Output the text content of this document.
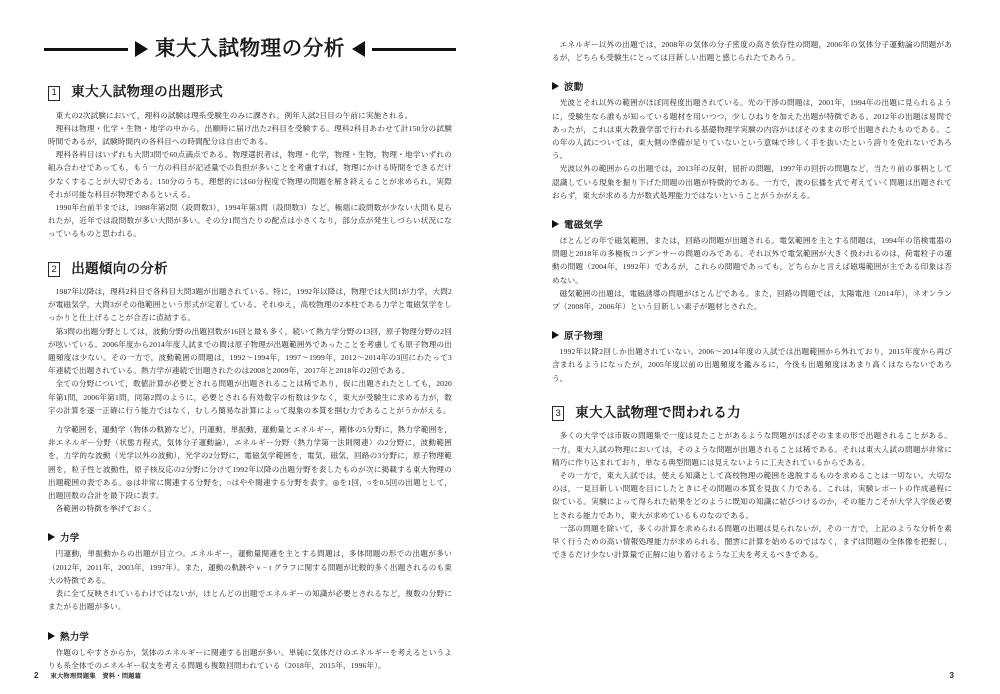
東大入試物理の分析
1 東大入試物理の出題形式

東大の2次試験において，理科の試験は理系受験生のみに課され，例年入試2日目の午前に実施される。

理科は物理・化学・生物・地学の中から，出願時に届け出た2科目を受験する。理科2科目あわせて計150分の試験時間であるが，試験時間内の各科目への時間配分は自由である。

理科各科目はいずれも大問3問で60点満点である。物理選択者は，物理・化学，物理・生物，物理・地学いずれの組み合わせであっても，もう一方の科目が記述量での負担が多いことを考慮すれば，物理にかける時間をできるだけ少なくすることが大切である。150分のうち，理想的には60分程度で物理の問題を解き終えることが求められ，実際それが可能な科目が物理であるといえる。

1990年台前半までは，1988年第2問（設問数3），1994年第3問（設問数3）など，極端に設問数が少ない大問も見られたが，近年では設問数が多い大問が多い。その分1問当たりの配点は小さくなり，部分点が発生しづらい状況になっているものと思われる。

2 出題傾向の分析

1987年以降は，理科2科目で各科目大問3題が出題されている。特に，1992年以降は，物理では大問1が力学，大問2が電磁気学，大問3がその他範囲という形式が定着している。それゆえ，高校物理の2本柱である力学と電磁気学をしっかりと仕上げることが合否に直結する。

第3問の出題分野としては，波動分野の出題回数が16回と最も多く，続いて熱力学分野の13回，原子物理分野の2回が呟いている。2006年度から2014年度入試までの間は原子物理が出題範囲外であったことを考慮しても原子物理の出題頻度は少ない。その一方で，波動範囲の問題は，1992〜1994年，1997〜1999年，2012〜2014年の3回にわたって3年連続で出題されている。熱力学が連続で出題されたのは2008と2009年，2017年と2018年の2回である。

全ての分野について，数値計算が必要とされる問題が出題されることは稀であり，仮に出題されたとしても，2020年第1問，2006年第1問，同第2問のように，必要とされる有効数字の桁数は少なく，東大が受験生に求める力が，数字の計算を逐一正確に行う能力ではなく，むしろ簡易な計算によって現象の本質を掴む力であることがうかがえる。

力学範囲を，運動学（物体の軌跡など），円運動，単振動，運動量とエネルギー，剛体の5分野に，熱力学範囲を，非エネルギー分野（状態方程式，気体分子運動論），エネルギー分野（熱力学第一法則関連）の2分野に，波動範囲を，力学的な波動（光学以外の波動），光学の2分野に，電磁気学範囲を，電気，磁気，回路の3分野に，原子物理範囲を，粒子性と波動性，原子核反応の2分野に分けて1992年以降の出題分野を表したものが次に掲載する東大物理の出題範囲の表である。◎は非常に関連する分野を，○はやや関連する分野を表す。◎を1回，○を0.5回の出題として，出題回数の合計を最下段に表す。

各範囲の特徴を挙げておく。

力学

円運動，単振動からの出題が目立つ。エネルギー，運動量関連を主とする問題は，多体問題の形での出題が多い（2012年，2011年，2003年，1997年）。また，運動の軌跡や v − t グラフに関する問題が比較的多く出題されるのも東大の特徴である。

表に全て反映されているわけではないが，ほとんどの出題でエネルギーの知識が必要とされるなど，複数の分野にまたがる出題が多い。

熱力学

作題のしやすさからか，気体のエネルギーに関連する出題が多い。単純に気体だけのエネルギーを考えるというよりも系全体でのエネルギー収支を考える問題も複数回問われている（2018年，2015年，1996年）。

2 東大物理問題集　資料・問題篇

エネルギー以外の出題では，2008年の気体の分子密度の高さ依存性の問題，2006年の気体分子運動論の問題があるが，どちらも受験生にとっては目新しい出題と感じられたであろう。

波動

光波とそれ以外の範囲がほぼ同程度出題されている。光の干渉の問題は，2001年，1994年の出題に見られるように，受験生なら誰もが知っている題材を用いつつ，少しひねりを加えた出題が特徴である。2012年の出題は易問であったが，これは東大教養学部で行われる基礎物理学実験の内容がほぼそのままの形で出題されたものである。この年の入試については，東大側の準備が足りていないという意味で珍しく手を抜いたという誇りを免れないであろう。

光波以外の範囲からの出題では，2013年の反射，屈折の問題，1997年の回折の問題など，当たり前の事柄として認識している現象を掘り下げた問題の出題が特徴的である。一方で，波の伝播を式で考えていく問題は出題されておらず，東大が求める力が数式処理能力ではないということがうかがえる。

電磁気学

ほとんどの年で磁気範囲，または，回路の問題が出題される。電気範囲を主とする問題は，1994年の箔検電器の問題と2018年の多極板コンデンサーの問題のみである。それ以外で電気範囲が大きく扱われるのは，荷電粒子の運動の問題（2004年，1992年）であるが，これらの問題であっても，どちらかと言えば磁場範囲が主である印象は否めない。

磁気範囲の出題は，電磁誘導の問題がほとんどである。また，回路の問題では，太陽電池（2014年），ネオンランプ（2008年，2006年）という目新しい素子が題材とされた。

原子物理

1992年以降2回しか出題されていない。2006〜2014年度の入試では出題範囲から外れており，2015年度から再び含まれるようになったが，2005年度以前の出題頻度を鑑みるに，今後も出題頻度はあまり高くはならないであろう。

3 東大入試物理で問われる力

多くの大学では市販の問題集で一度は見たことがあるような問題がほぼそのままの形で出題されることがある。一方，東大入試の物理においては，そのような問題が出題されることは稀である。それは東大入試の問題が非常に精巧に作り込まれており，単なる典型問題には見えないように工夫されているからである。

その一方で，東大入試では，使える知識として高校物理の範囲を逸脱するものを求めることは一切ない。大切なのは，一見目新しい問題を目にしたときにその問題の本質を見抜く力である。これは，実験レポートの作成過程に似ている。実験によって得られた結果をどのように既知の知識に結びつけるのか，その能力こそが大学入学後必要とされる能力であり，東大が求めているものなのである。

一部の問題を除いて，多くの計算を求められる問題の出題は見られないが，その一方で，上記のような分析を素早く行うための高い情報処理能力が求められる。闇雲に計算を始めるのではなく，まずは問題の全体像を把握し，できるだけ少ない計算量で正解に辿り着けるような工夫を考えるべきである。

3
